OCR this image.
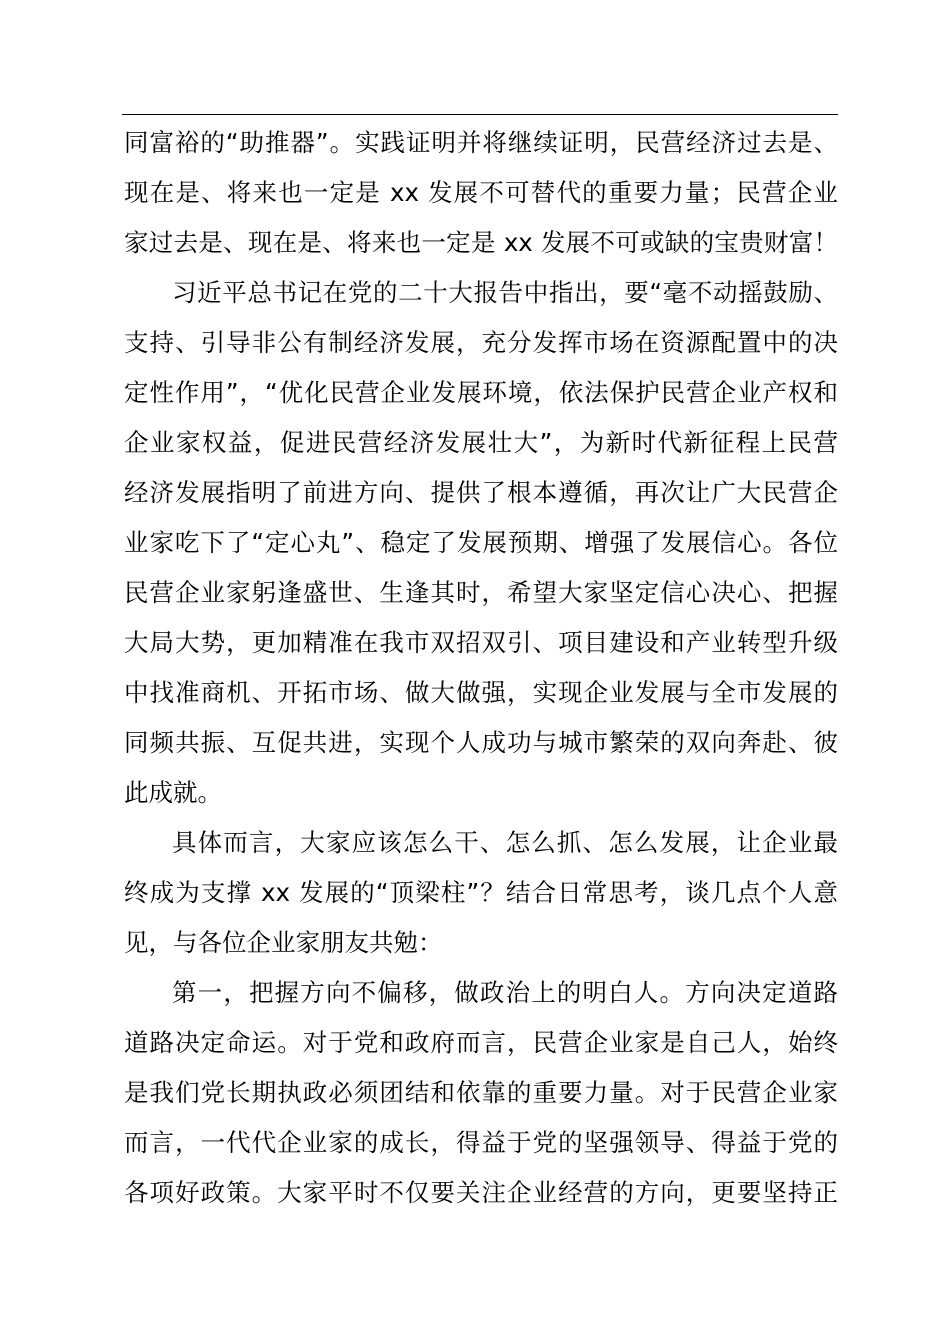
同富裕的“助推器”。实践证明并将继续证明，民营经济过去是、
现在是、将来也一定是 xx 发展不可替代的重要力量；民营企业
家过去是、现在是、将来也一定是 xx 发展不可或缺的宝贵财富！
习近平总书记在党的二十大报告中指出，要“毫不动摇鼓励、
支持、引导非公有制经济发展，充分发挥市场在资源配置中的决
定性作用”，“优化民营企业发展环境，依法保护民营企业产权和
企业家权益，促进民营经济发展壮大”，为新时代新征程上民营
经济发展指明了前进方向、提供了根本遵循，再次让广大民营企
业家吃下了“定心丸”、稳定了发展预期、增强了发展信心。各位
民营企业家躬逢盛世、生逢其时，希望大家坚定信心决心、把握
大局大势，更加精准在我市双招双引、项目建设和产业转型升级
中找准商机、开拓市场、做大做强，实现企业发展与全市发展的
同频共振、互促共进，实现个人成功与城市繁荣的双向奔赴、彼
此成就。
具体而言，大家应该怎么干、怎么抓、怎么发展，让企业最
终成为支撑 xx 发展的“顶梁柱”？结合日常思考，谈几点个人意
见，与各位企业家朋友共勉：
第一，把握方向不偏移，做政治上的明白人。方向决定道路
道路决定命运。对于党和政府而言，民营企业家是自己人，始终
是我们党长期执政必须团结和依靠的重要力量。对于民营企业家
而言，一代代企业家的成长，得益于党的坚强领导、得益于党的
各项好政策。大家平时不仅要关注企业经营的方向，更要坚持正
